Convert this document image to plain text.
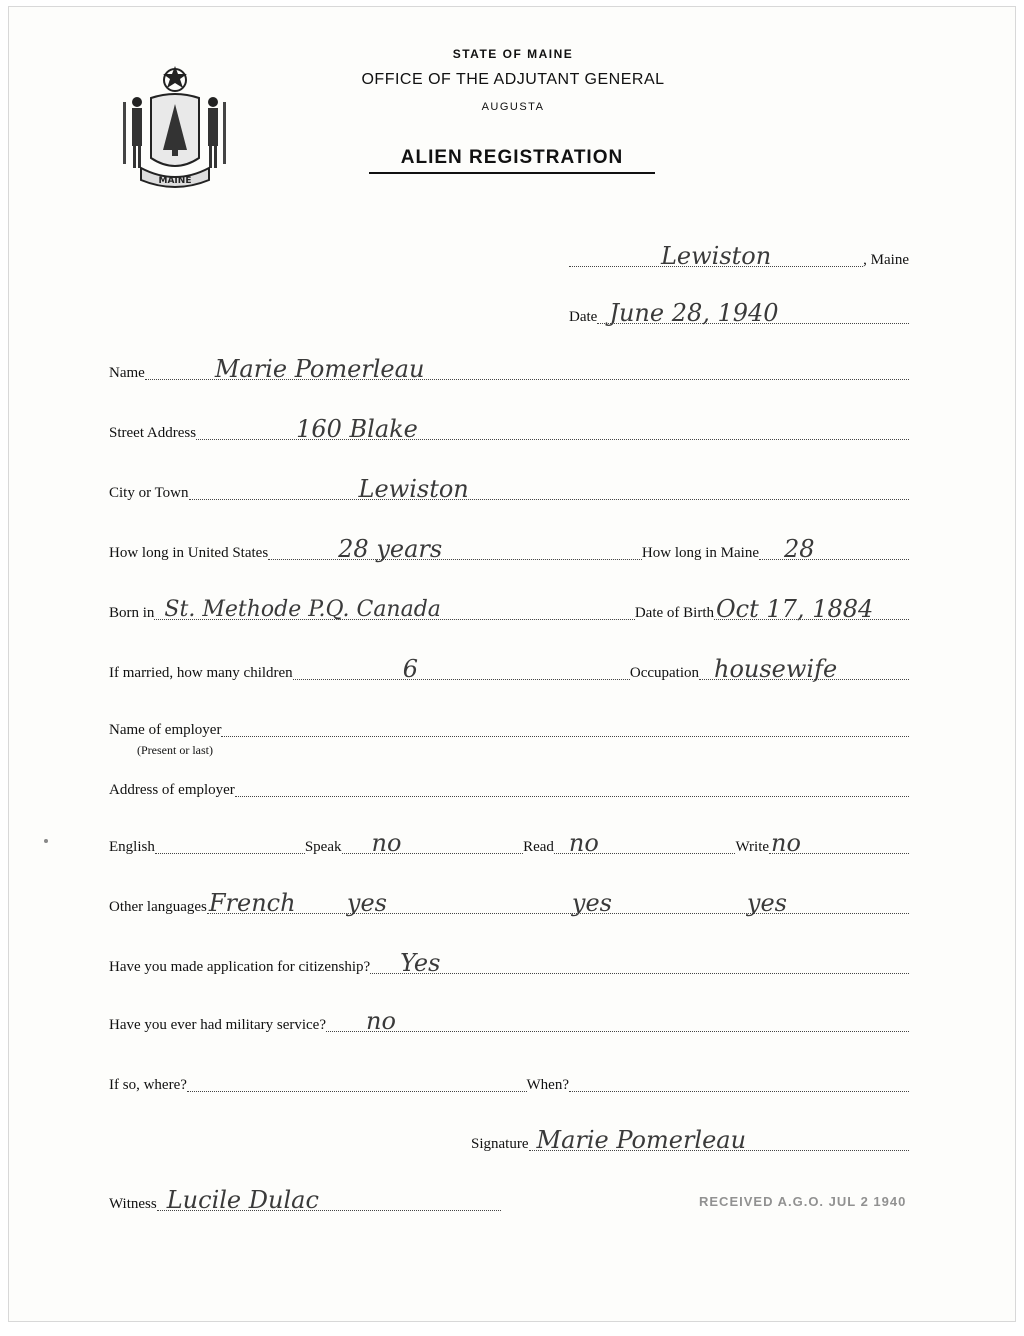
MAINE
STATE OF MAINE
OFFICE OF THE ADJUTANT GENERAL
AUGUSTA
ALIEN REGISTRATION
Lewiston	, Maine
Date June 28, 1940
Name	Marie Pomerleau
Street Address	160 Blake
City or Town	Lewiston
How long in United States	28 years	How long in Maine 28
Born in St. Methode P.Q. Canada	Date of Birth Oct 17, 1884
If married, how many children	6	Occupation housewife
Name of employer
(Present or last)
Address of employer
English	Speak no	Read no	Write no
Other languages French yes	yes	yes
Have you made application for citizenship? Yes
Have you ever had military service? no
If so, where?	When?
Signature Marie Pomerleau
Witness Lucile Dulac	RECEIVED A.G.O. JUL 2 1940
